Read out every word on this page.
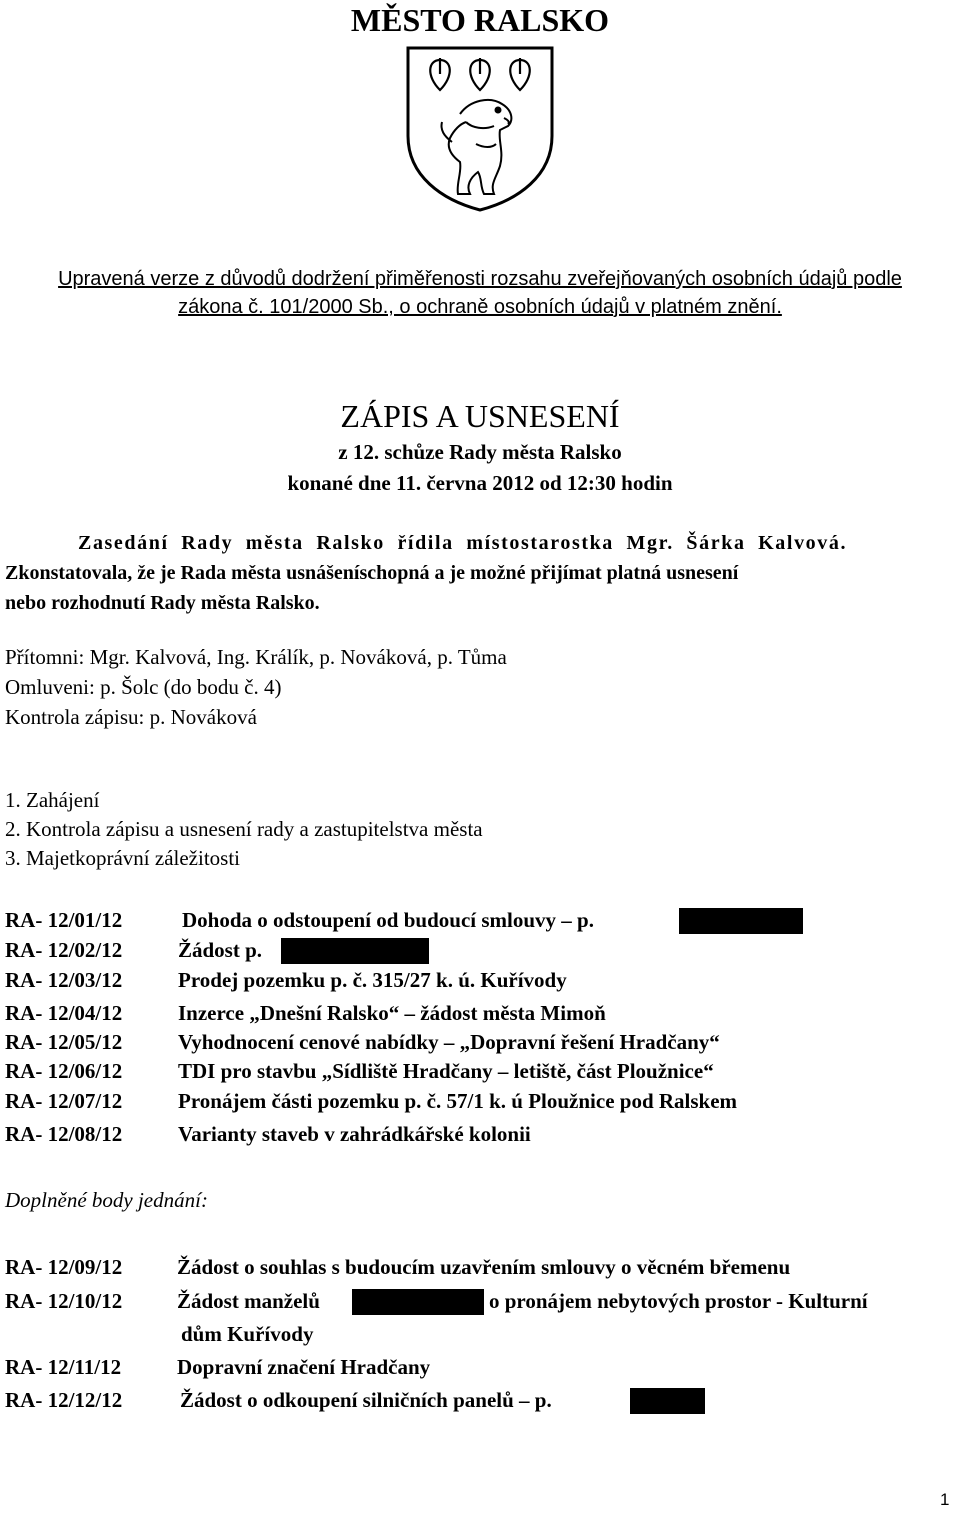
MĚSTO RALSKO
Upravená verze z důvodů dodržení přiměřenosti rozsahu zveřejňovaných osobních údajů podle
zákona č. 101/2000 Sb., o ochraně osobních údajů v platném znění.
ZÁPIS A USNESENÍ
z 12. schůze Rady města Ralsko
konané dne 11. června 2012 od 12:30 hodin
Zasedání Rady města Ralsko řídila místostarostka Mgr. Šárka Kalvová.
Zkonstatovala, že je Rada města usnášeníschopná a je možné přijímat platná usnesení
nebo rozhodnutí Rady města Ralsko.
Přítomni: Mgr. Kalvová, Ing. Králík, p. Nováková, p. Tůma
Omluveni: p. Šolc (do bodu č. 4)
Kontrola zápisu: p. Nováková
1. Zahájení
2. Kontrola zápisu a usnesení rady a zastupitelstva města
3. Majetkoprávní záležitosti
RA- 12/01/12	Dohoda o odstoupení od budoucí smlouvy – p.
RA- 12/02/12	Žádost p.
RA- 12/03/12	Prodej pozemku p. č. 315/27 k. ú. Kuřívody
RA- 12/04/12	Inzerce „Dnešní Ralsko“ – žádost města Mimoň
RA- 12/05/12	Vyhodnocení cenové nabídky – „Dopravní řešení Hradčany“
RA- 12/06/12	TDI pro stavbu „Sídliště Hradčany – letiště, část Ploužnice“
RA- 12/07/12	Pronájem části pozemku p. č. 57/1 k. ú Ploužnice pod Ralskem
RA- 12/08/12	Varianty staveb v zahrádkářské kolonii
Doplněné body jednání:
RA- 12/09/12	Žádost o souhlas s budoucím uzavřením smlouvy o věcném břemenu
RA- 12/10/12	Žádost manželů	o pronájem nebytových prostor - Kulturní
dům Kuřívody
RA- 12/11/12	Dopravní značení Hradčany
RA- 12/12/12	Žádost o odkoupení silničních panelů – p.
1
